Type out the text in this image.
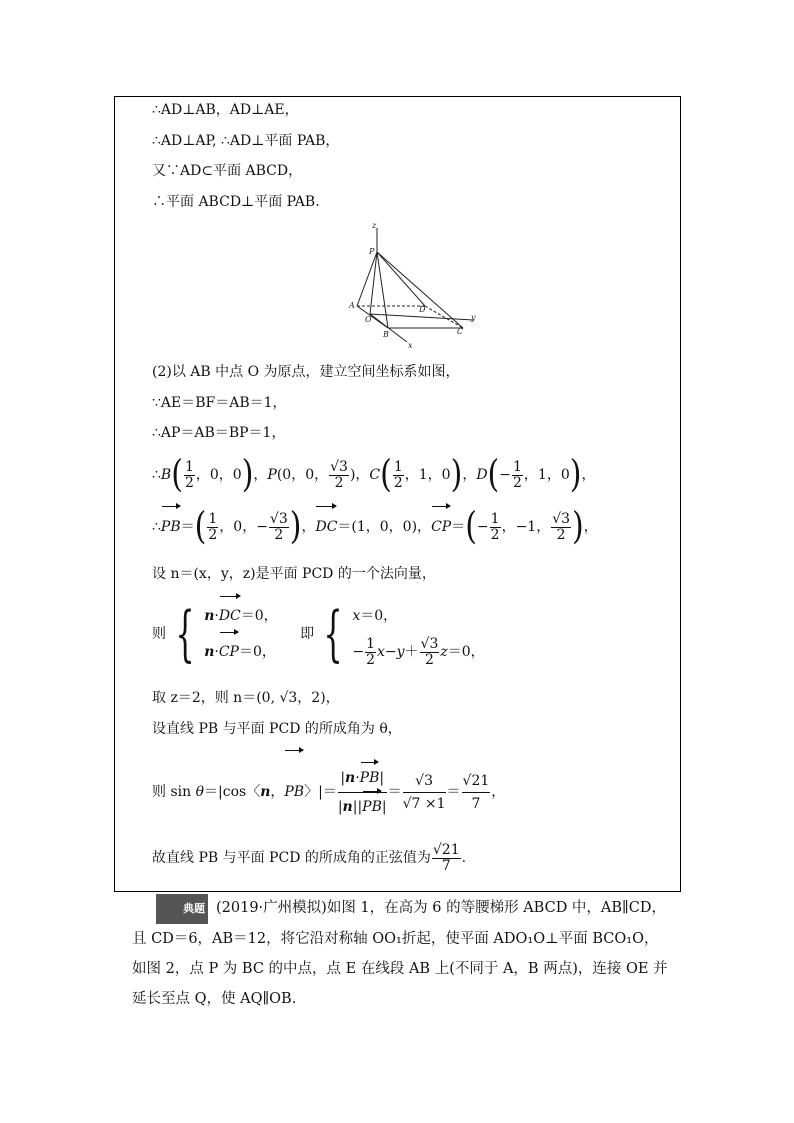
∴AD⊥AB，AD⊥AE，
∴AD⊥AP, ∴AD⊥平面 PAB，
又∵AD⊂平面 ABCD，
∴平面 ABCD⊥平面 PAB.
z
P
A
O
D
B	C
x
y
(2)以 AB 中点 O 为原点，建立空间坐标系如图，
∵AE＝BF＝AB＝1，
∴AP＝AB＝BP＝1，
∴B( $\frac{1}{2}$ ，0，0)，P(0，0， $\frac{√3}{2}$ )，$C( \frac{1}{2}$ ，1，0)，$D(- \frac{1}{2}$ ，1，0)，
∴PB＝( $\frac{1}{2}$ ，0，− $\frac{√3}{2}$ )，DC＝(1，0，0)，$CP=(- \frac{1}{2}$ ，−1， $\frac{√3}{2}$ )，
设 n＝(x，y，z)是平面 PCD 的一个法向量，
则 { n·DC＝0，
n·CP＝0，
即 { x＝0，
− $\frac{1}{2} x-y+ \frac{√3}{2} z=0$，
取 z＝2，则 n＝(0, √3，2)，
设直线 PB 与平面 PCD 的所成角为 θ，
则 sin θ＝|cos〈n，PB〉|＝ $\frac{|n\cdot PB|}{|n||PB|} = \frac{√3}{√7 \times 1} = \frac{√21}{7}$ ，
故直线 PB 与平面 PCD 的所成角的正弦值为 $\frac{√21}{7}$ .
典题 (2019·广州模拟)如图 1，在高为 6 的等腰梯形 ABCD 中，AB∥CD，且 CD＝6，AB＝12，将它沿对称轴 OO₁折起，使平面 ADO₁O⊥平面 BCO₁O，如图 2，点 P 为 BC 的中点，点 E 在线段 AB 上(不同于 A，B 两点)，连接 OE 并延长至点 Q，使 AQ∥OB.
